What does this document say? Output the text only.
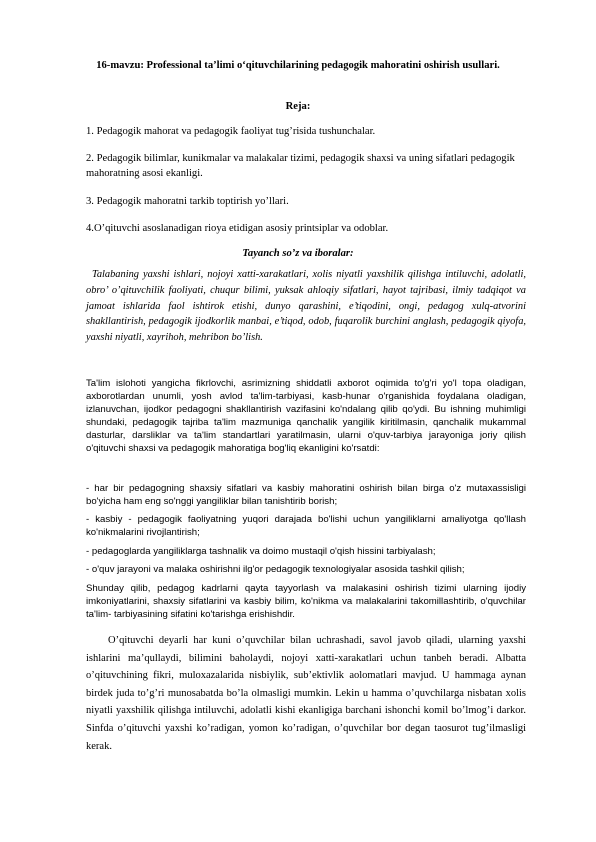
16-mavzu: Professional ta’limi o‘qituvchilarining pedagogik mahoratini oshirish usullari.
Reja:
1. Pedagogik mahorat va pedagogik faoliyat tug’risida tushunchalar.
2. Pedagogik bilimlar, kunikmalar va malakalar tizimi, pedagogik shaxsi va uning sifatlari pedagogik mahoratning asosi ekanligi.
3. Pedagogik mahoratni tarkib toptirish yo’llari.
4.O’qituvchi asoslanadigan rioya etidigan asosiy printsiplar va odoblar.
Tayanch so’z va iboralar:
Talabaning yaxshi ishlari, nojoyi xatti-xarakatlari, xolis niyatli yaxshilik qilishga intiluvchi, adolatli, obro’ o’qituvchilik faoliyati, chuqur bilimi, yuksak ahloqiy sifatlari, hayot tajribasi, ilmiy tadqiqot va jamoat ishlarida faol ishtirok etishi, dunyo qarashini, e’tiqodini, ongi, pedagog xulq-atvorini shakllantirish, pedagogik ijodkorlik manbai, e’tiqod, odob, fuqarolik burchini anglash, pedagogik qiyofa, yaxshi niyatli, xayrihoh, mehribon bo’lish.
Ta'lim islohoti yangicha fikrlovchi, asrimizning shiddatli axborot oqimida to'g'ri yo'l topa oladigan, axborotlardan unumli, yosh avlod ta'lim-tarbiyasi, kasb-hunar o'rganishida foydalana oladigan, izlanuvchan, ijodkor pedagogni shakllantirish vazifasini ko'ndalang qilib qo'ydi. Bu ishning muhimligi shundaki, pedagogik tajriba ta'lim mazmuniga qanchalik yangilik kiritilmasin, qanchalik mukammal dasturlar, darsliklar va ta'lim standartlari yaratilmasin, ularni o'quv-tarbiya jarayoniga joriy qilish o'qituvchi shaxsi va pedagogik mahoratiga bog'liq ekanligini ko'rsatdi:
- har bir pedagogning shaxsiy sifatlari va kasbiy mahoratini oshirish bilan birga o'z mutaxassisligi bo'yicha ham eng so'nggi yangiliklar bilan tanishtirib borish;
- kasbiy - pedagogik faoliyatning yuqori darajada bo'lishi uchun yangiliklarni amaliyotga qo'llash ko'nikmalarini rivojlantirish;
- pedagoglarda yangiliklarga tashnalik va doimo mustaqil o'qish hissini tarbiyalash;
- o'quv jarayoni va malaka oshirishni ilg'or pedagogik texnologiyalar asosida tashkil qilish;
Shunday qilib, pedagog kadrlarni qayta tayyorlash va malakasini oshirish tizimi ularning ijodiy imkoniyatlarini, shaxsiy sifatlarini va kasbiy bilim, ko'nikma va malakalarini takomillashtirib, o'quvchilar ta'lim- tarbiyasining sifatini ko'tarishga erishishdir.
O’qituvchi deyarli har kuni o’quvchilar bilan uchrashadi, savol javob qiladi, ularning yaxshi ishlarini ma’qullaydi, bilimini baholaydi, nojoyi xatti-xarakatlari uchun tanbeh beradi. Albatta o’qituvchining fikri, muloxazalarida nisbiylik, sub’ektivlik aolomatlari mavjud. U hammaga aynan birdek juda to’g’ri munosabatda bo’la olmasligi mumkin. Lekin u hamma o’quvchilarga nisbatan xolis niyatli yaxshilik qilishga intiluvchi, adolatli kishi ekanligiga barchani ishonchi komil bo’lmog’i darkor. Sinfda o’qituvchi yaxshi ko’radigan, yomon ko’radigan, o’quvchilar bor degan taosurot tug’ilmasligi kerak.
